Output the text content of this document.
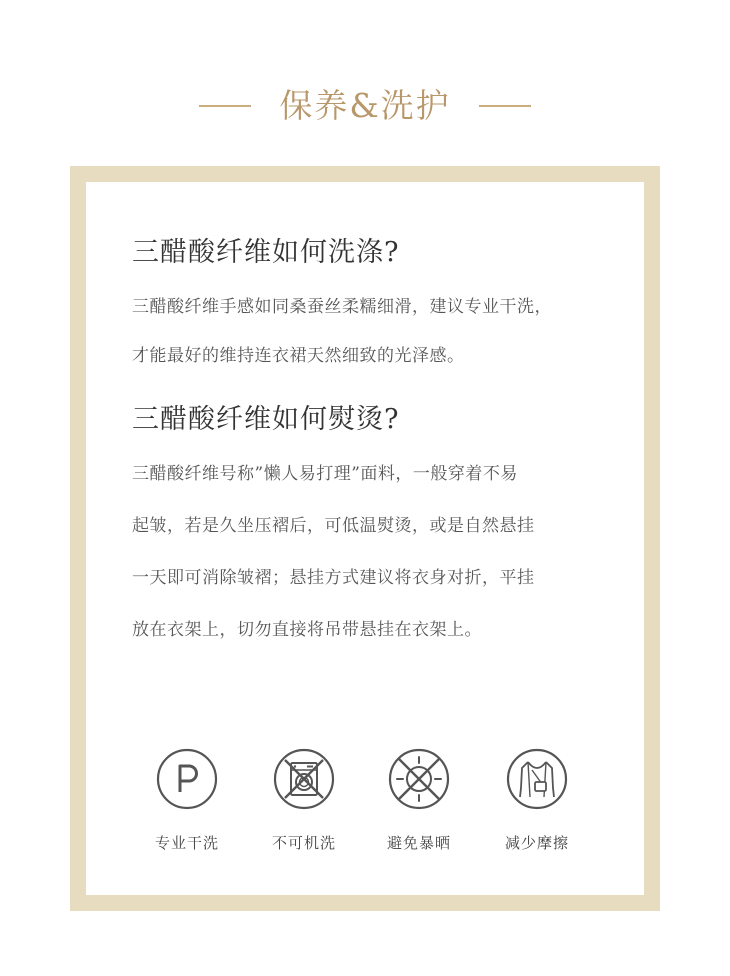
保养&洗护
三醋酸纤维如何洗涤?

三醋酸纤维手感如同桑蚕丝柔糯细滑，建议专业干洗，

才能最好的维持连衣裙天然细致的光泽感。

三醋酸纤维如何熨烫?

三醋酸纤维号称”懒人易打理”面料，一般穿着不易

起皱，若是久坐压褶后，可低温熨烫，或是自然悬挂

一天即可消除皱褶；悬挂方式建议将衣身对折，平挂

放在衣架上，切勿直接将吊带悬挂在衣架上。

专业干洗	不可机洗	避免暴晒	减少摩擦
